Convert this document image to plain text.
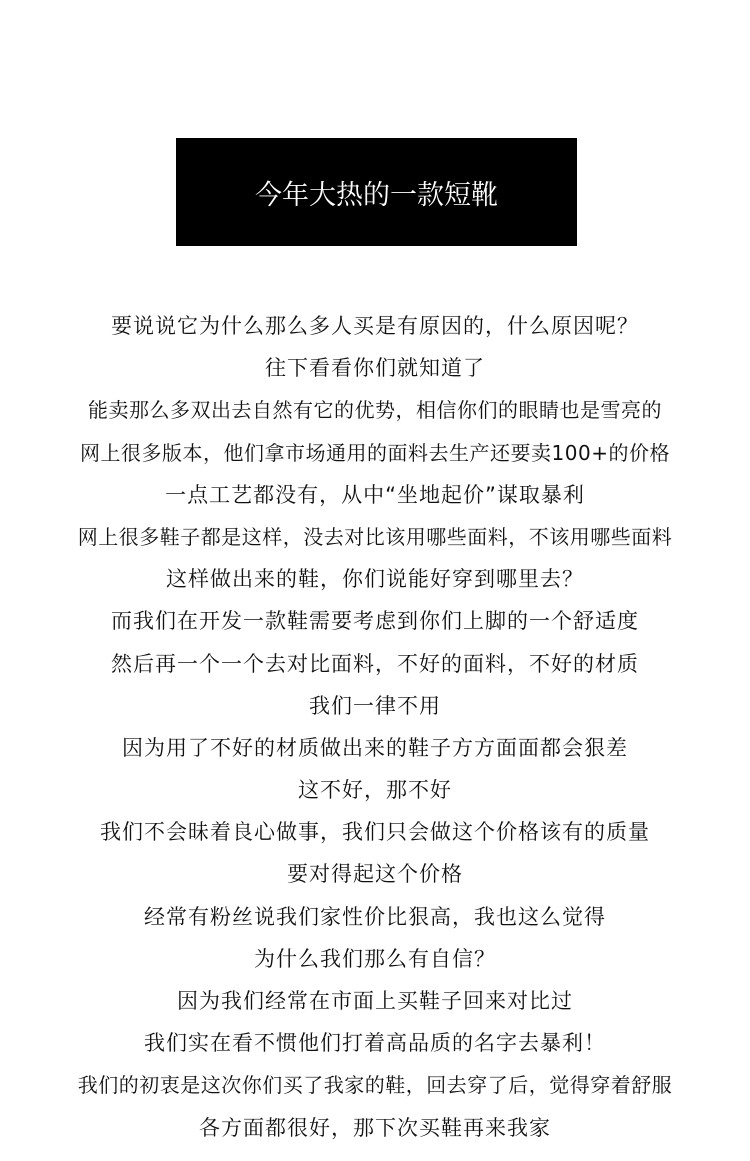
今年大热的一款短靴
要说说它为什么那么多人买是有原因的，什么原因呢？
往下看看你们就知道了
能卖那么多双出去自然有它的优势，相信你们的眼睛也是雪亮的
网上很多版本，他们拿市场通用的面料去生产还要卖100+的价格
一点工艺都没有，从中“坐地起价”谋取暴利
网上很多鞋子都是这样，没去对比该用哪些面料，不该用哪些面料
这样做出来的鞋，你们说能好穿到哪里去？
而我们在开发一款鞋需要考虑到你们上脚的一个舒适度
然后再一个一个去对比面料，不好的面料，不好的材质
我们一律不用
因为用了不好的材质做出来的鞋子方方面面都会狠差
这不好，那不好
我们不会昧着良心做事，我们只会做这个价格该有的质量
要对得起这个价格
经常有粉丝说我们家性价比狠高，我也这么觉得
为什么我们那么有自信？
因为我们经常在市面上买鞋子回来对比过
我们实在看不惯他们打着高品质的名字去暴利！
我们的初衷是这次你们买了我家的鞋，回去穿了后，觉得穿着舒服
各方面都很好，那下次买鞋再来我家
